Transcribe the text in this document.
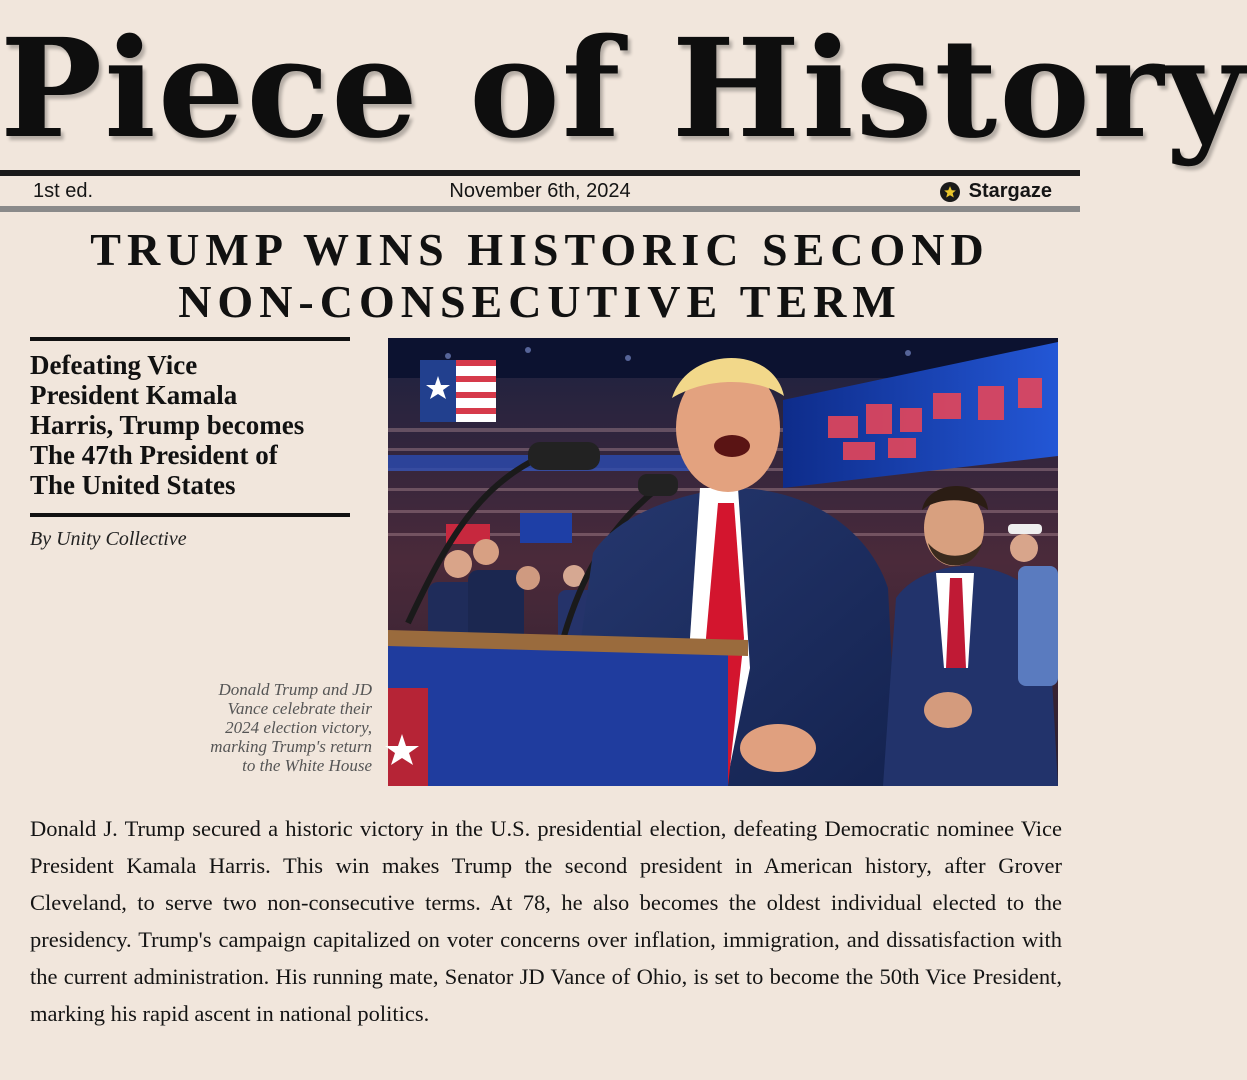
Piece of History
1st ed.	November 6th, 2024	Stargaze
TRUMP WINS HISTORIC SECOND
NON-CONSECUTIVE TERM
Defeating Vice
President Kamala
Harris, Trump becomes
The 47th President of
The United States
By Unity Collective
Donald Trump and JD
Vance celebrate their
2024 election victory,
marking Trump's return
to the White House
Donald J. Trump secured a historic victory in the U.S. presidential election, defeating Democratic nominee Vice President Kamala Harris. This win makes Trump the second president in American history, after Grover Cleveland, to serve two non-consecutive terms. At 78, he also becomes the oldest individual elected to the presidency. Trump's campaign capitalized on voter concerns over inflation, immigration, and dissatisfaction with the current administration. His running mate, Senator JD Vance of Ohio, is set to become the 50th Vice President, marking his rapid ascent in national politics.
